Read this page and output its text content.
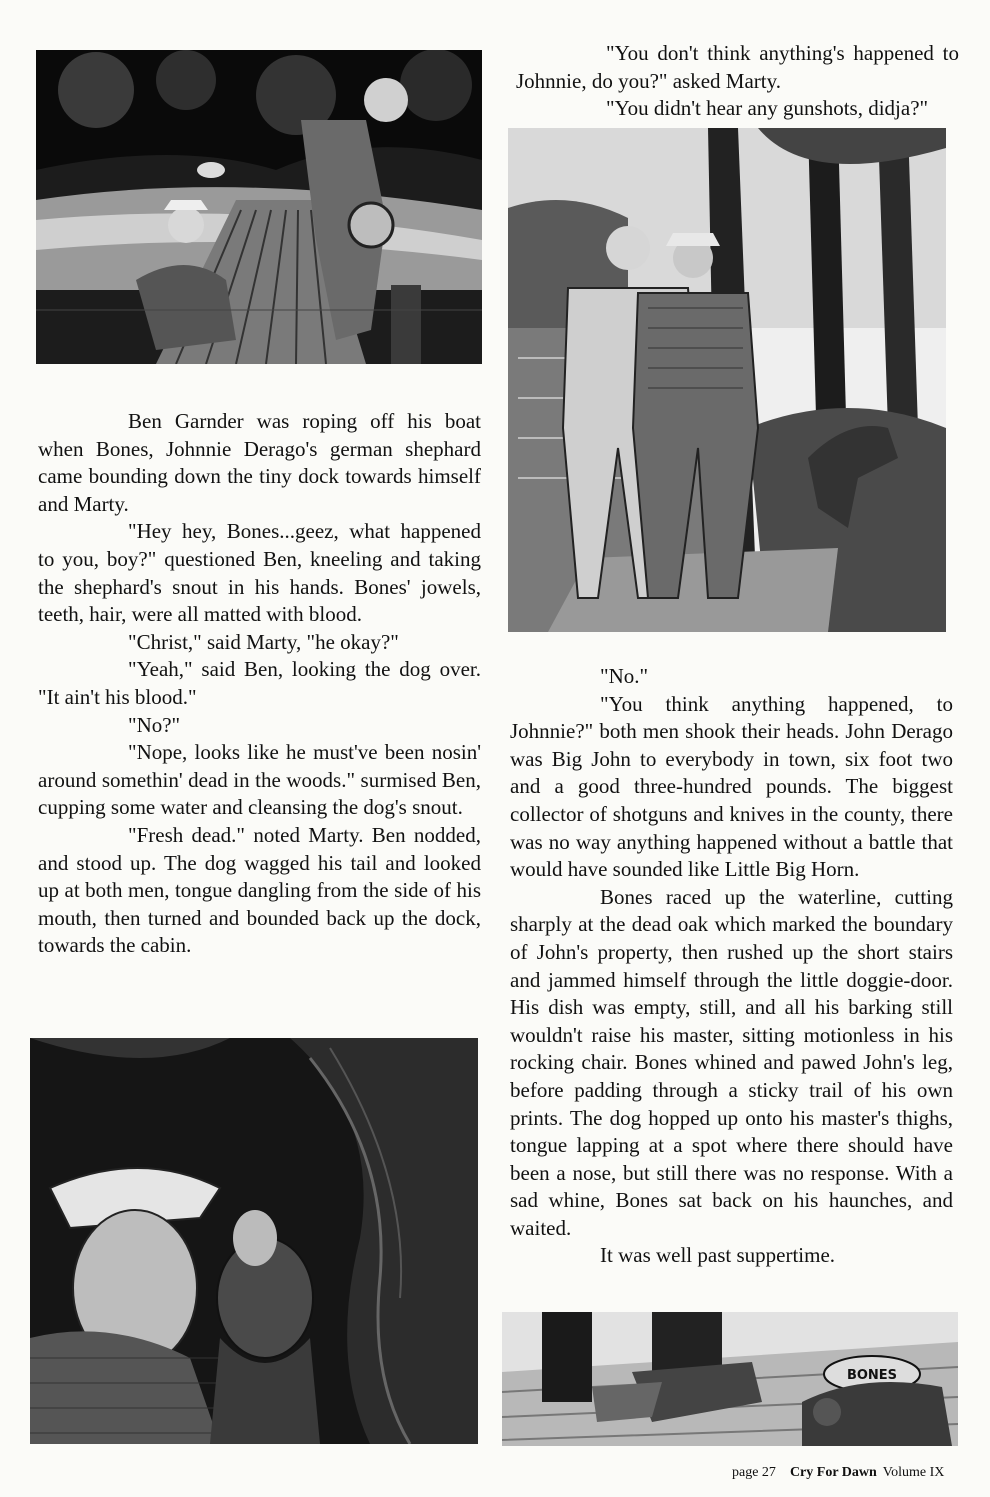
BONES

Ben Garnder was roping off his boat when Bones, Johnnie Derago's german shephard came bounding down the tiny dock towards himself and Marty.

"Hey hey, Bones...geez, what happened to you, boy?" questioned Ben, kneeling and taking the shephard's snout in his hands. Bones' jowels, teeth, hair, were all matted with blood.

"Christ," said Marty, "he okay?"

"Yeah," said Ben, looking the dog over. "It ain't his blood."

"No?"

"Nope, looks like he must've been nosin' around somethin' dead in the woods." surmised Ben, cupping some water and cleansing the dog's snout.

"Fresh dead." noted Marty. Ben nodded, and stood up. The dog wagged his tail and looked up at both men, tongue dangling from the side of his mouth, then turned and bounded back up the dock, towards the cabin.

"You don't think anything's happened to Johnnie, do you?" asked Marty.

"You didn't hear any gunshots, didja?"

"No."

"You think anything happened, to Johnnie?" both men shook their heads. John Derago was Big John to everybody in town, six foot two and a good three-hundred pounds. The biggest collector of shotguns and knives in the county, there was no way anything happened without a battle that would have sounded like Little Big Horn.

Bones raced up the waterline, cutting sharply at the dead oak which marked the boundary of John's property, then rushed up the short stairs and jammed himself through the little doggie-door. His dish was empty, still, and all his barking still wouldn't raise his master, sitting motionless in his rocking chair. Bones whined and pawed John's leg, before padding through a sticky trail of his own prints. The dog hopped up onto his master's thighs, tongue lapping at a spot where there should have been a nose, but still there was no response. With a sad whine, Bones sat back on his haunches, and waited.

It was well past suppertime.

page 27 Cry For Dawn Volume IX
